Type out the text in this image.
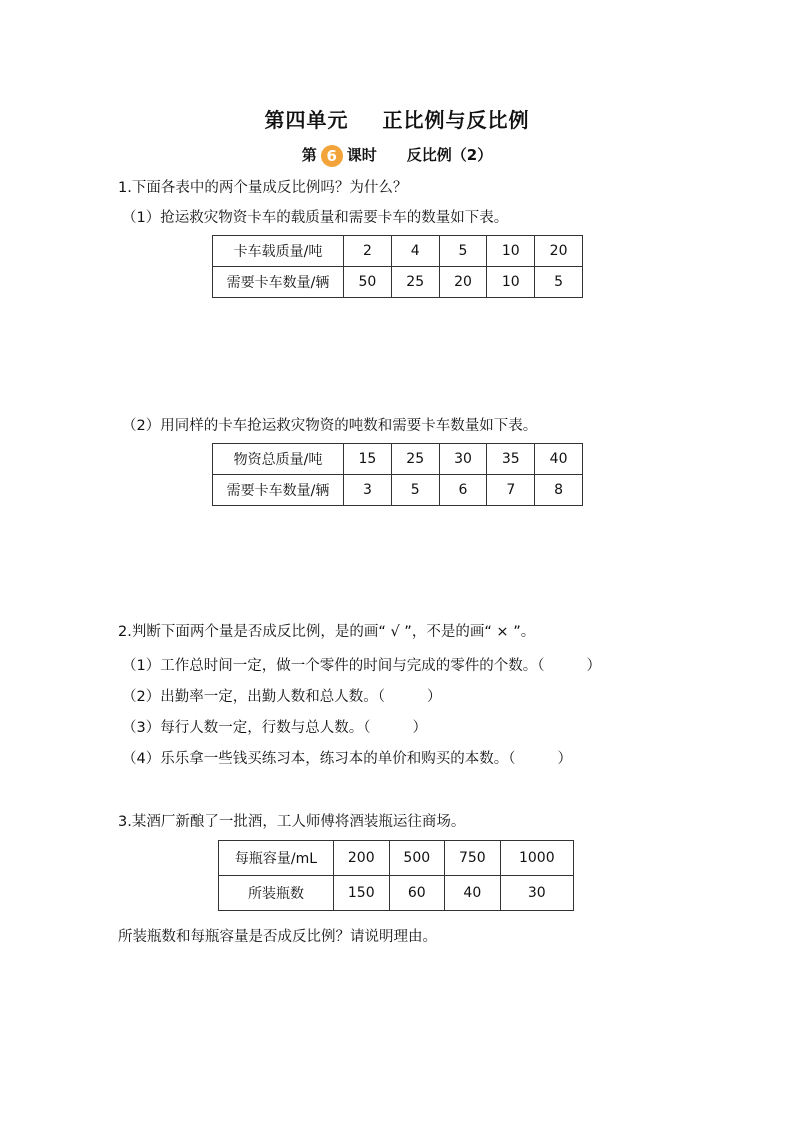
第四单元 正比例与反比例
第 6 课时 反比例（2）
1.下面各表中的两个量成反比例吗？为什么？
（1）抢运救灾物资卡车的载质量和需要卡车的数量如下表。
卡车载质量/吨	2	4	5	10	20
需要卡车数量/辆	50	25	20	10	5
（2）用同样的卡车抢运救灾物资的吨数和需要卡车数量如下表。
物资总质量/吨	15	25	30	35	40
需要卡车数量/辆	3	5	6	7	8
2.判断下面两个量是否成反比例，是的画“ √ ”，不是的画“ × ”。
（1）工作总时间一定，做一个零件的时间与完成的零件的个数。（	）
（2）出勤率一定，出勤人数和总人数。（	）
（3）每行人数一定，行数与总人数。（	）
（4）乐乐拿一些钱买练习本，练习本的单价和购买的本数。（	）
3.某酒厂新酿了一批酒，工人师傅将酒装瓶运往商场。
每瓶容量/mL	200	500	750	1000
所装瓶数	150	60	40	30
所装瓶数和每瓶容量是否成反比例？请说明理由。
